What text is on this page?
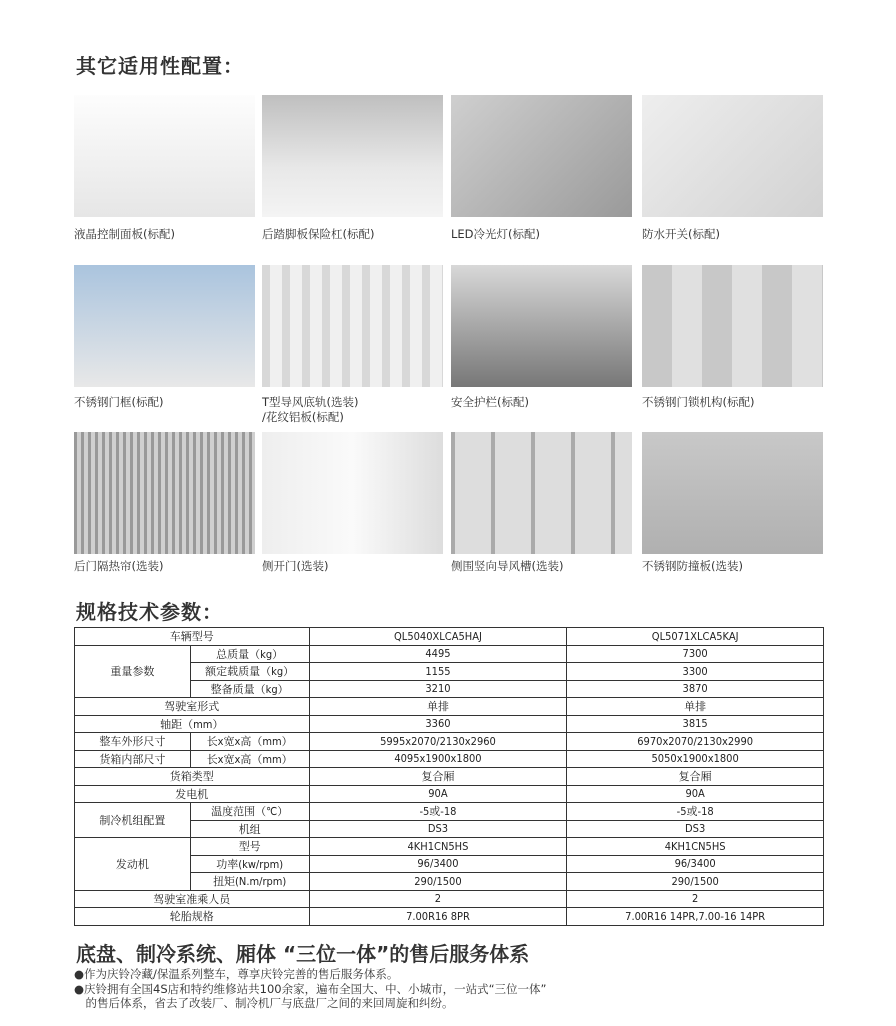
其它适用性配置：
液晶控制面板(标配)	后踏脚板保险杠(标配)	LED冷光灯(标配)	防水开关(标配)
不锈钢门框(标配)	T型导风底轨(选装)
/花纹铝板(标配)
安全护栏(标配)	不锈钢门锁机构(标配)
后门隔热帘(选装)	侧开门(选装)	侧围竖向导风槽(选装)	不锈钢防撞板(选装)
规格技术参数：
车辆型号		QL5040XLCA5HAJ	QL5071XLCA5KAJ
重量参数	总质量（kg）	4495	7300
	额定载质量（kg）	1155	3300
	整备质量（kg）	3210	3870
驾驶室形式		单排	单排
轴距（mm）		3360	3815
整车外形尺寸	长x宽x高（mm）	5995x2070/2130x2960	6970x2070/2130x2990
货箱内部尺寸	长x宽x高（mm）	4095x1900x1800	5050x1900x1800
货箱类型		复合厢	复合厢
发电机		90A	90A
制冷机组配置	温度范围（℃）	-5或-18	-5或-18
	机组	DS3	DS3
发动机	型号	4KH1CN5HS	4KH1CN5HS
	功率(kw/rpm)	96/3400	96/3400
	扭矩(N.m/rpm)	290/1500	290/1500
驾驶室准乘人员		2	2
轮胎规格		7.00R16 8PR	7.00R16 14PR,7.00-16 14PR
底盘、制冷系统、厢体 “三位一体”的售后服务体系
●作为庆铃冷藏/保温系列整车，尊享庆铃完善的售后服务体系。
●庆铃拥有全国4S店和特约维修站共100余家，遍布全国大、中、小城市，一站式“三位一体”
　的售后体系，省去了改装厂、制冷机厂与底盘厂之间的来回周旋和纠纷。
